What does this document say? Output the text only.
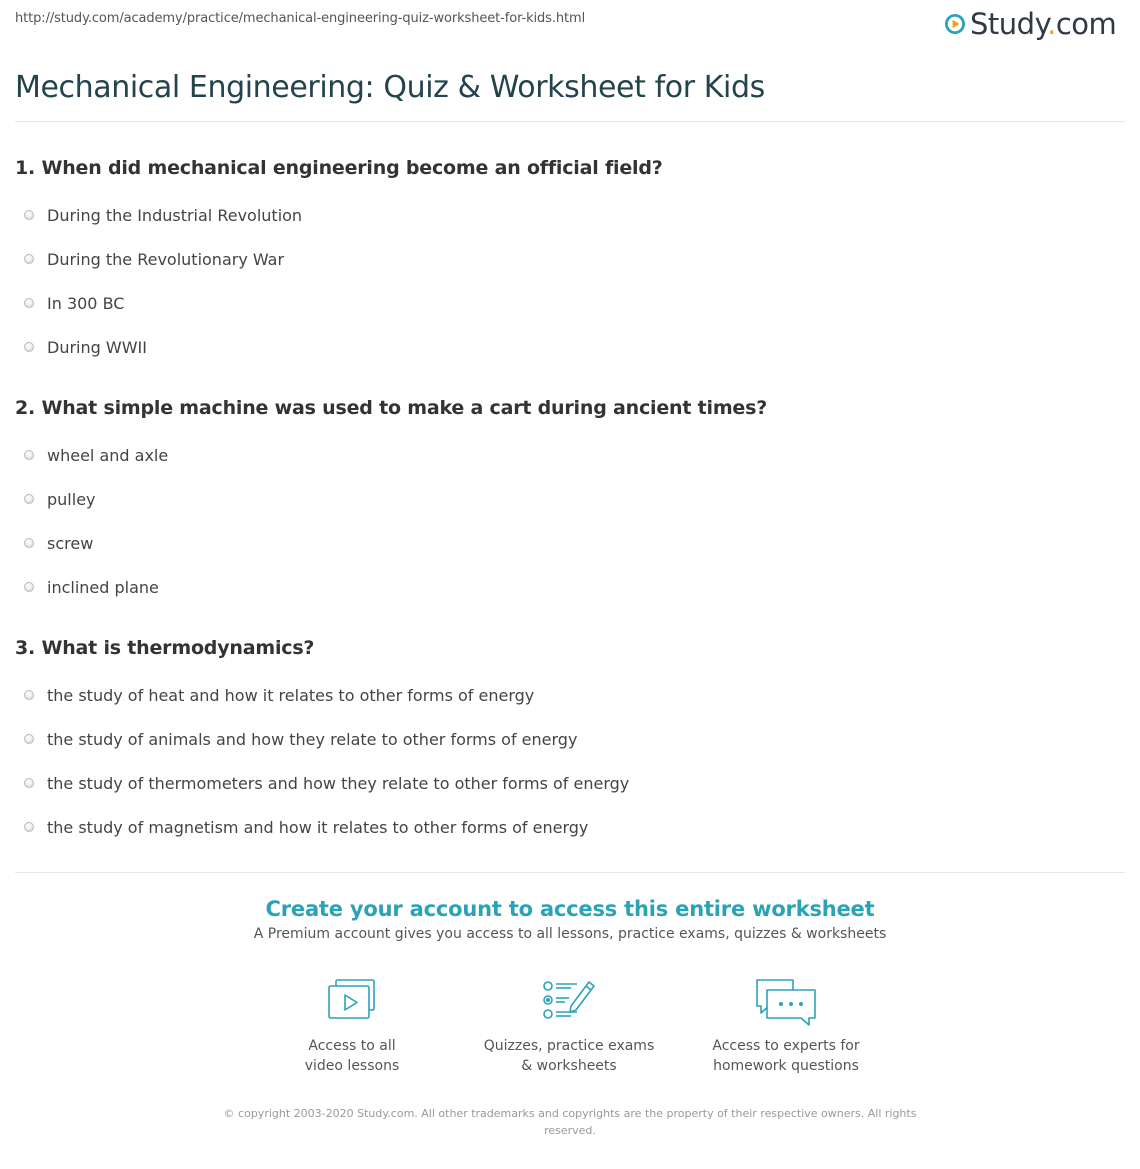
http://study.com/academy/practice/mechanical-engineering-quiz-worksheet-for-kids.html	Study.com
Mechanical Engineering: Quiz & Worksheet for Kids
1. When did mechanical engineering become an official field?
During the Industrial Revolution
During the Revolutionary War
In 300 BC
During WWII
2. What simple machine was used to make a cart during ancient times?
wheel and axle
pulley
screw
inclined plane
3. What is thermodynamics?
the study of heat and how it relates to other forms of energy
the study of animals and how they relate to other forms of energy
the study of thermometers and how they relate to other forms of energy
the study of magnetism and how it relates to other forms of energy
Create your account to access this entire worksheet
A Premium account gives you access to all lessons, practice exams, quizzes & worksheets
Access to all
video lessons
Quizzes, practice exams
& worksheets
Access to experts for
homework questions
© copyright 2003-2020 Study.com. All other trademarks and copyrights are the property of their respective owners. All rights reserved.
